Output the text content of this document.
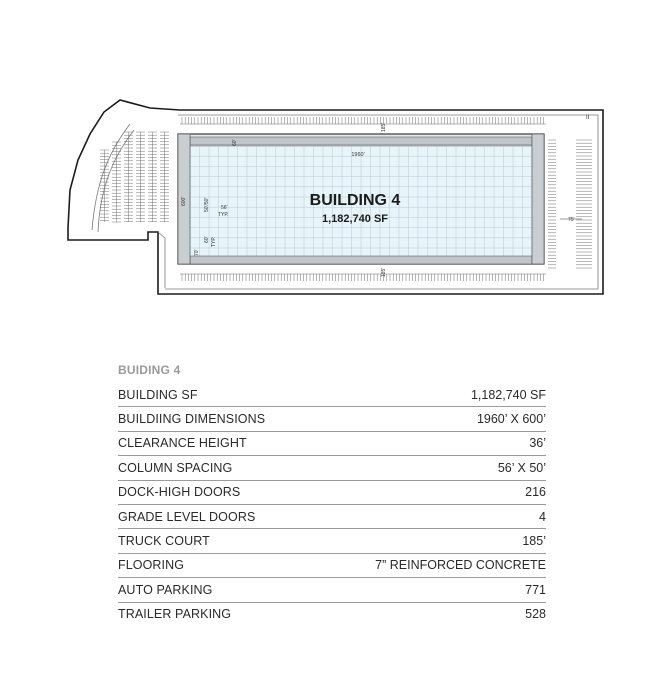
BUILDING 4
1,182,740 SF
1960'
185'
185'
60'
600'	50'/50' 56'
TYP.
70'
60' TYP.
75'
II
BUIDING 4
BUILDING SF	1,182,740 SF
BUILDIING DIMENSIONS	1960’ X 600’
CLEARANCE HEIGHT	36’
COLUMN SPACING	56’ X 50’
DOCK-HIGH DOORS	216
GRADE LEVEL DOORS	4
TRUCK COURT	185’
FLOORING	7” REINFORCED CONCRETE
AUTO PARKING	771
TRAILER PARKING	528
